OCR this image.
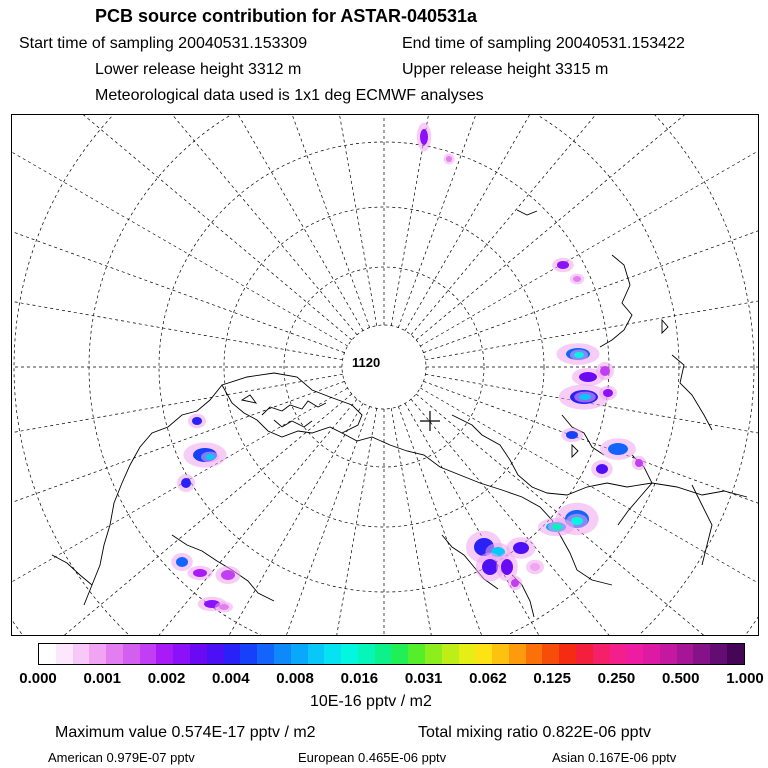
PCB source contribution for ASTAR-040531a
Start time of sampling 20040531.153309	End time of sampling 20040531.153422
Lower release height 3312 m	Upper release height 3315 m
Meteorological data used is 1x1 deg ECMWF analyses
1120
0.000 0.001 0.002 0.004 0.008 0.016 0.031 0.062 0.125 0.250 0.500 1.000
10E-16 pptv / m2
Maximum value 0.574E-17 pptv / m2	Total mixing ratio 0.822E-06 pptv
American 0.979E-07 pptv	European 0.465E-06 pptv	Asian 0.167E-06 pptv
